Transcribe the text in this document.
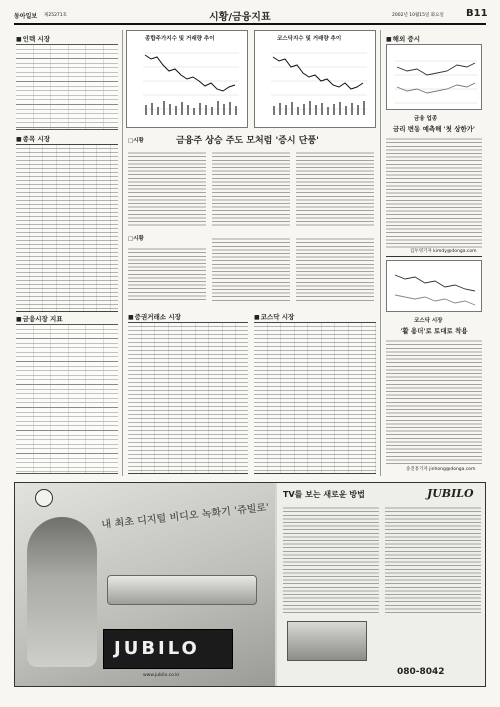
동아일보 제25271호	시황/금융지표	2002년 10월15일 화요일 B11
■ 인텍 시장
■ 종목 시장
■ 금융시장 지표
종합주가지수 및 거래량 추이	코스닥지수 및 거래량 추이	■ 해외 증시
금융 업종
금리 변동 예측해 '첫 상한가'
김두영기자 kimdy@donga.com
코스닥 시장
'활 용더'로 토대로 착용
송진흥기자 jinhong@donga.com
□시황	금융주 상승 주도 모처럼 '증시 단풍'
□시황
■ 증권거래소 시장	■ 코스닥 시장
내 최초 디지털 비디오 녹화기 '쥬빌로'
JUBILO
www.jubilo.co.kr
TV를 보는 새로운 방법	JUBILO
080-8042
